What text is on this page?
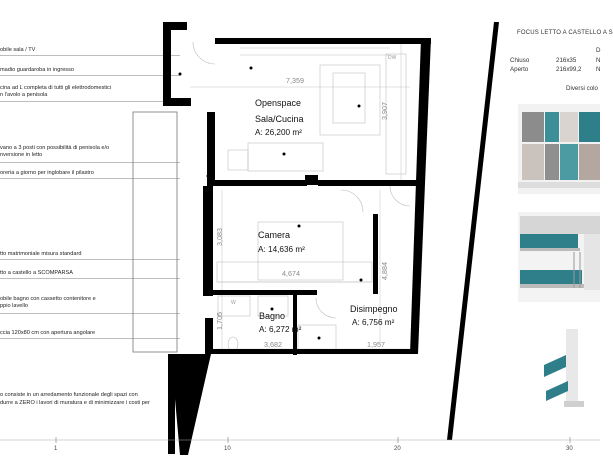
obile sala / TV
madio guardaroba in ingresso
cina ad L completa di tutti gli elettrodomestici
n l'avolo a penisola
vano a 3 posti con possibilità di penisola e/o
nversione in letto
oreria a giorno per inglobare il pilastro
tto matrimoniale misura standard
tto a castello a SCOMPARSA
obile bagno con cassetto contenitore e
ppio lavello
ccia 120x80 cm con apertura angolare
o consiste in un arredamento funzionale degli spazi con
durre a ZERO i lavori di muratura e di minimizzare i costi per
DW
W
Openspace
Sala/Cucina
A: 26,200 m²
Camera
A: 14,636 m²
Bagno
A: 6,272 m²
Disimpegno
A: 6,756 m²
7,359
3,907
3,083
4,674	4,884
1,705
3,682	1,957
FOCUS LETTO A CASTELLO A S
D
Chiuso	216x35	N
Aperto	216x99,2 N
Diversi colo
1	10	20	30
